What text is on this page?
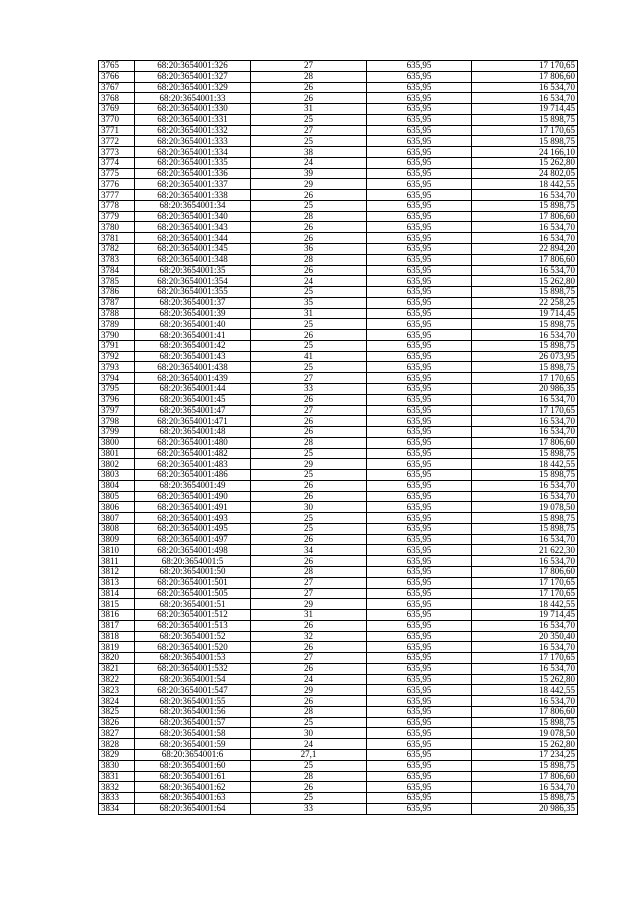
3765	68:20:3654001:326	27	635,95	17 170,65
3766	68:20:3654001:327	28	635,95	17 806,60
3767	68:20:3654001:329	26	635,95	16 534,70
3768	68:20:3654001:33	26	635,95	16 534,70
3769	68:20:3654001:330	31	635,95	19 714,45
3770	68:20:3654001:331	25	635,95	15 898,75
3771	68:20:3654001:332	27	635,95	17 170,65
3772	68:20:3654001:333	25	635,95	15 898,75
3773	68:20:3654001:334	38	635,95	24 166,10
3774	68:20:3654001:335	24	635,95	15 262,80
3775	68:20:3654001:336	39	635,95	24 802,05
3776	68:20:3654001:337	29	635,95	18 442,55
3777	68:20:3654001:338	26	635,95	16 534,70
3778	68:20:3654001:34	25	635,95	15 898,75
3779	68:20:3654001:340	28	635,95	17 806,60
3780	68:20:3654001:343	26	635,95	16 534,70
3781	68:20:3654001:344	26	635,95	16 534,70
3782	68:20:3654001:345	36	635,95	22 894,20
3783	68:20:3654001:348	28	635,95	17 806,60
3784	68:20:3654001:35	26	635,95	16 534,70
3785	68:20:3654001:354	24	635,95	15 262,80
3786	68:20:3654001:355	25	635,95	15 898,75
3787	68:20:3654001:37	35	635,95	22 258,25
3788	68:20:3654001:39	31	635,95	19 714,45
3789	68:20:3654001:40	25	635,95	15 898,75
3790	68:20:3654001:41	26	635,95	16 534,70
3791	68:20:3654001:42	25	635,95	15 898,75
3792	68:20:3654001:43	41	635,95	26 073,95
3793	68:20:3654001:438	25	635,95	15 898,75
3794	68:20:3654001:439	27	635,95	17 170,65
3795	68:20:3654001:44	33	635,95	20 986,35
3796	68:20:3654001:45	26	635,95	16 534,70
3797	68:20:3654001:47	27	635,95	17 170,65
3798	68:20:3654001:471	26	635,95	16 534,70
3799	68:20:3654001:48	26	635,95	16 534,70
3800	68:20:3654001:480	28	635,95	17 806,60
3801	68:20:3654001:482	25	635,95	15 898,75
3802	68:20:3654001:483	29	635,95	18 442,55
3803	68:20:3654001:486	25	635,95	15 898,75
3804	68:20:3654001:49	26	635,95	16 534,70
3805	68:20:3654001:490	26	635,95	16 534,70
3806	68:20:3654001:491	30	635,95	19 078,50
3807	68:20:3654001:493	25	635,95	15 898,75
3808	68:20:3654001:495	25	635,95	15 898,75
3809	68:20:3654001:497	26	635,95	16 534,70
3810	68:20:3654001:498	34	635,95	21 622,30
3811	68:20:3654001:5	26	635,95	16 534,70
3812	68:20:3654001:50	28	635,95	17 806,60
3813	68:20:3654001:501	27	635,95	17 170,65
3814	68:20:3654001:505	27	635,95	17 170,65
3815	68:20:3654001:51	29	635,95	18 442,55
3816	68:20:3654001:512	31	635,95	19 714,45
3817	68:20:3654001:513	26	635,95	16 534,70
3818	68:20:3654001:52	32	635,95	20 350,40
3819	68:20:3654001:520	26	635,95	16 534,70
3820	68:20:3654001:53	27	635,95	17 170,65
3821	68:20:3654001:532	26	635,95	16 534,70
3822	68:20:3654001:54	24	635,95	15 262,80
3823	68:20:3654001:547	29	635,95	18 442,55
3824	68:20:3654001:55	26	635,95	16 534,70
3825	68:20:3654001:56	28	635,95	17 806,60
3826	68:20:3654001:57	25	635,95	15 898,75
3827	68:20:3654001:58	30	635,95	19 078,50
3828	68:20:3654001:59	24	635,95	15 262,80
3829	68:20:3654001:6	27,1	635,95	17 234,25
3830	68:20:3654001:60	25	635,95	15 898,75
3831	68:20:3654001:61	28	635,95	17 806,60
3832	68:20:3654001:62	26	635,95	16 534,70
3833	68:20:3654001:63	25	635,95	15 898,75
3834	68:20:3654001:64	33	635,95	20 986,35
